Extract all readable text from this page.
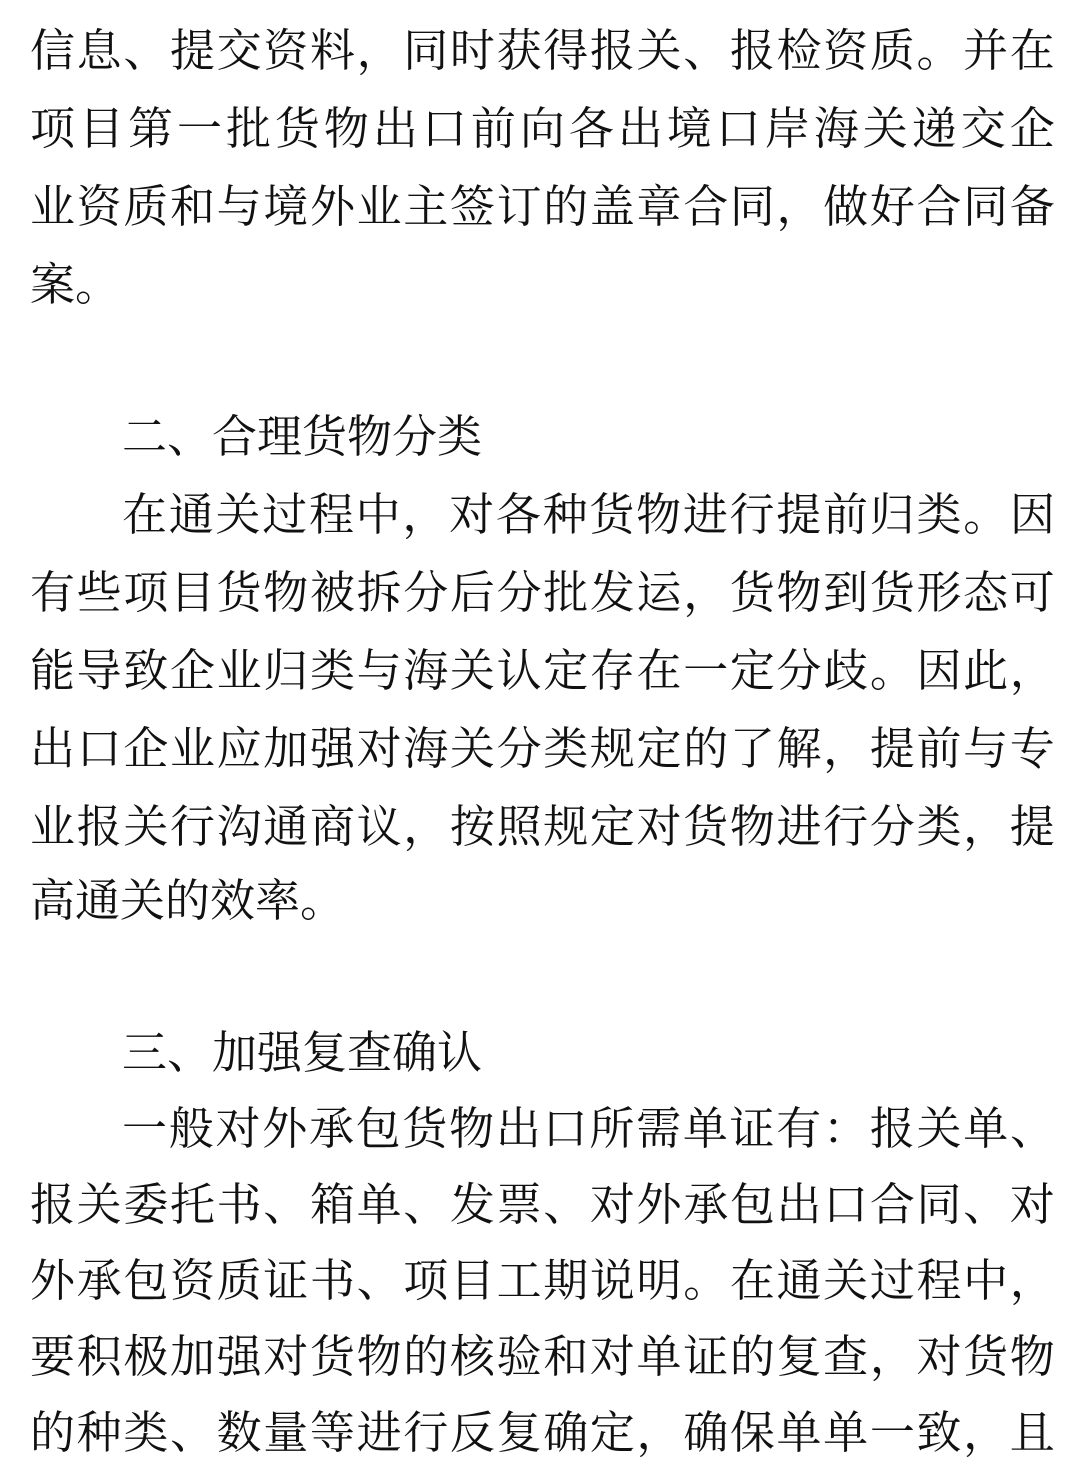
信 息 、 提 交 资 料 ， 同 时 获 得 报 关 、 报 检 资 质 。 并 在
项 目 第 一 批 货 物 出 口 前 向 各 出 境 口 岸 海 关 递 交 企
业 资 质 和 与 境 外 业 主 签 订 的 盖 章 合 同 ， 做 好 合 同 备
案。
二、合理货物分类
在 通 关 过 程 中 ， 对 各 种 货 物 进 行 提 前 归 类 。 因
有 些 项 目 货 物 被 拆 分 后 分 批 发 运 ， 货 物 到 货 形 态 可
能 导 致 企 业 归 类 与 海 关 认 定 存 在 一 定 分 歧 。 因 此 ，
出 口 企 业 应 加 强 对 海 关 分 类 规 定 的 了 解 ， 提 前 与 专
业 报 关 行 沟 通 商 议 ， 按 照 规 定 对 货 物 进 行 分 类 ， 提
高通关的效率。
三、加强复查确认
一 般 对 外 承 包 货 物 出 口 所 需 单 证 有 ： 报 关 单 、
报 关 委 托 书 、 箱 单 、 发 票 、 对 外 承 包 出 口 合 同 、 对
外 承 包 资 质 证 书 、 项 目 工 期 说 明 。 在 通 关 过 程 中 ，
要 积 极 加 强 对 货 物 的 核 验 和 对 单 证 的 复 查 ， 对 货 物
的 种 类 、 数 量 等 进 行 反 复 确 定 ， 确 保 单 单 一 致 ， 且
